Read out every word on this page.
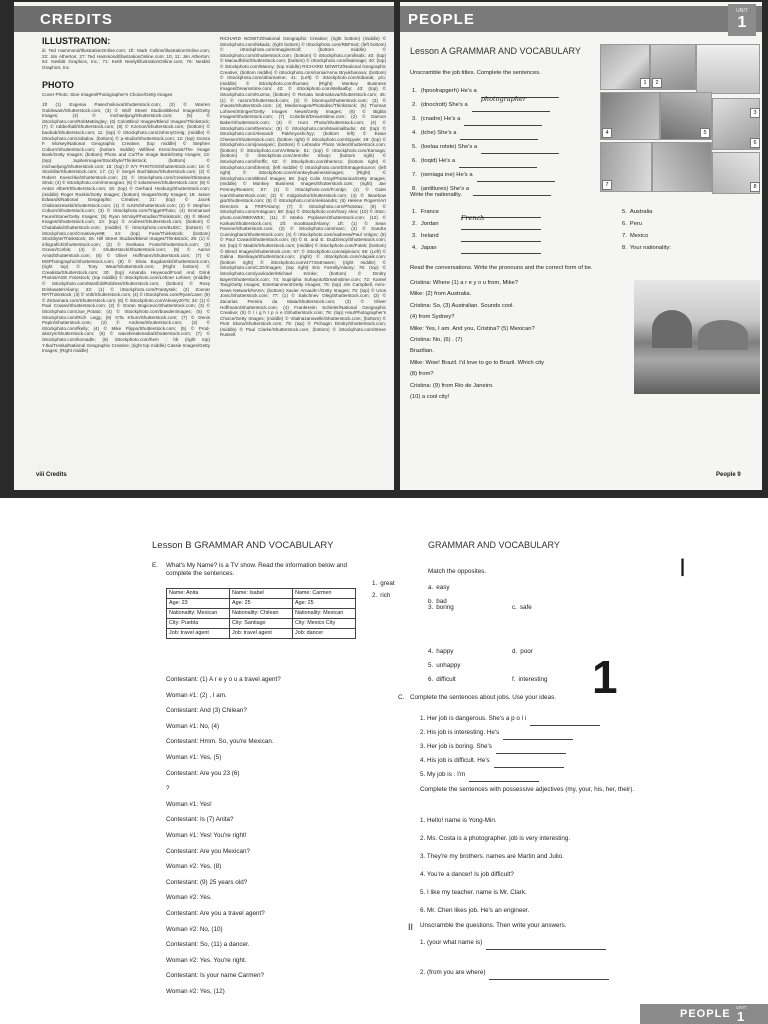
CREDITS
ILLUSTRATION:
iii: Ted Hammond/IllustrationOnline.com; 1ft: Mark Collins/IllustrationOnline.com; 22: Jim Atherton; 27: Ted Hammond/IllustrationOnline.com; 10, 11: Jim Atherton; 64: Nesbitt Graphics, Inc.; 71: Keith Neely/IllustrationOnline.com; 76: Nesbitt Graphics, Inc.
PHOTO
Cover Photo: Stoe Images/Photographer's Choice/Getty Images
1ft (1) Evgenia Pasechnikova/Shutterstock.com; (2) © Warren Goldswain/Shutterstock.com; (3) © Wolf Street Studios/Blend Images/Getty Images; (4) © michaeljung/Shutterstock.com; (5) © iStockphoto.com/RobMattingley; (6) ColorBlind Images/Blend Images/Thinkstock; (7) © rubberball/Shutterstock.com; (8) © Kzenon/Shutterstock.com; (bottom) © baobab/Shutterstock.com; 11: (top) © iStockphoto.com/JohnnyGreig; (middle) © iStockphoto.com/Jobalou; (bottom) © p-studio/Shutterstock.com; 12: (top) Gonza F. Moisey/National Geographic Creative; (top middle) © Stephen Coburn/Shutterstock.com; (bottom middle) Wilfried Krecichwost/The Image Bank/Getty Images; (bottom) Photo and Co/The Image Bank/Getty Images; 13: (top) Jupiterimages/Stockbyte/Thinkstock; (bottom) © michaeljung/Shutterstock.com; 15: (top) © IVY PHOTOS/Shutterstock.com; 16: © Stocklite/Shutterstock.com; 17: (1) © Sergei Bachlakov/Shutterstock.com; (2) © Robert Kneschke/Shutterstock.com; (3) © iStockphoto.com/Creative/Okssana Struk; (4) © iStockphoto.com/mmnogran; (5) © solarseven/Shutterstock.com; (6) © Anton Albert/Shutterstock.com; 18: (top) © Gerhard Hosburg/Shutterstock.com; (middle) Roger Ruskin/Getty Images; (bottom) Images/Getty Images; 19: Jason Edwards/National Geographic Creative; 21: (top) © Jacek Chabraszewski/Shutterstock.com; (1) © ILKIN/Shutterstock.com; (2) © Stephen Coburn/Shutterstock.com; (3) © iStockphoto.com/TriggerPhoto; (4) Emmanuel Faure/Stone/Getty Images; (5) Ryan McVay/Photodisc/Thinkstock; (6) © Blend Images/Shutterstock.com; 23: (top) © Andresr/Shutterstock.com; (bottom) © Chalabala/Shutterstock.com; (middle) © iStockphoto.com/BUDC; (bottom) © iStockphoto.com/Creativeye99; 24: (top) Fuse/Thinkstock; (bottom) Stockbyte/Thinkstock; 26: Hill Street Studios/Blend Images/Thinkstock; 28: (1) © infografick/Shutterstock.com; (2) © Svetlana Foote/Shutterstock.com; (3) Ocean/Corbis; (4) © shutterstock/Shutterstock.com; (5) © Aaron Amat/Shutterstock.com; (6) © Oliver Hoffmann/Shutterstock.com; (7) © MSPhotographic/Shutterstock.com; (8) © Silvia Bogdanski/Shutterstock.com; (right top) © Tony Wear/Shutterstock.com; (Right bottom) © Creatista/Shutterstock.com; 30: (top) Amanda Heywood/Food And Drink Photos/AGE Fotostock; (top middle) © iStockphoto.com/Lehner Lehner; (middle) © iStockphoto.com/ManifoldRobbins/Shutterstock.com; (bottom) © Roxy Drinkwater/Alamy; 33: (1) © iStockphoto.com/Frantysek; (2) Zoonar RF/Thinkstock; (3) © Volt/Shutterstock.com; (4) © iStockphoto.com/Ryan/Lane; (5) © ZeSamara.com/Shutterstock.com; (6) © iStockphoto.com/Alexey2075; 34: (1) © Paul Cowan/Shutterstock.com; (2) © Goran Bogicevic/Shutterstock.com; (3) © iStockphoto.com/Joe_Potato; (4) © iStockphoto.com/bowdenimages; (5) © iStockphoto.com/Rich Legg; (6) GTa Khum/Shutterstock.com; (7) © Denis Pepin/Shutterstock.com; (2) © Andrew/Shutterstock.com; (3) © iStockphoto.com/fkelly; (4) © Mike Flippo/Shutterstock.com; (5) © Prod-akszyn/Shutterstock.com; (6) © wavebreakmedia/Shutterstock.com; (7) © iStockphoto.com/komadle; (8) iStockphoto.com/hem ; hb (right top) Y.Ika/Tresita/National Geographic Creative; (right top middle) Cassie Images/Getty Images; (Right middle)
RICHARD NOWITZ/National Geographic Creative; (right bottom) (middle) © iStockphoto.com/Nikada; (right bottom) © iStockphoto.com/RBFried; (left bottom) © iStockphoto.com/ImagineGolf; (bottom middle) © iStockphoto.com/Shutterstock.com; (bottom) © iStockphoto.com/lisafx; 40: (top) © Macaulfolio/Shutterstock.com; (bottom) © iStockphoto.com/lisaimage; 40: (top) © iStockphoto.com/Manny; (top middle) RICHARD NOWITZ/National Geographic Creative; (bottom middle) © iStockphoto.com/sonia/Anna Bryukhanova; (bottom) © iStockphoto.com/ultramarine; 41: (Left) © iStockphoto.com/tobarak; p/o; (middle) © iStockphoto.com/human; (Right) Monkey Business Images/Dreamstime.com; 42: © iStockphoto.com/stellaalby; 43: (top) © iStockphoto.com/Kuzma; (bottom) © Renata Sedmakova/Shutterstock.com; 45: (1) © razorn/Shutterstock.com; (2) © bloomua/Shutterstock.com; (3) © chaoss/Shutterstock.com; (4) Mediomages/Photodisc/Thinkstock; (5) Thomas Lohnes/Stringer/Getty Images News/Getty Images; (6) © Bigbla Images/Shutterstock.com; (7) Colorbird/Dreamstime.com; (2) © Damon Baker/Shutterstock.com; (3) © Hunt Photo/Shutterstock.com; (4) © iStockphoto.com/thermcx; (5) © iStockphoto.com/Maximalltudio; 48: (top) © iStockphoto.com/Alexandr Pakhnyushchyy; (bottom left) © Ewan Chesser/Shutterstock.com; (bottom right) © iStockphoto.com/Spyde; 49: (top) © iStockphoto.com/jovanjaric; (bottom) © Lebrador Photo Video/Shutterstock.com; (bottom) © iStockphoto.com/ArtMarie; 51: (top) © iStockphoto.com/Kamaga; (bottom) © iStockphoto.com/Jennifer Sharp; (bottom right) © iStockphoto.com/fmrffit; 52: © iStockphoto.com/themrcx; (bottom right) © iStockphoto.com/bheriot; (left middle) © iStockphoto.com/ElSImageSource; (left right) © iStockphoto.com/monkeybusinessimages; (Right) © iStockphoto.com/Blend Images; 56: (top) Colin Gray/Photonica/Getty Images; (middle) © Monkey Business Images/Shutterstock.com; (right) Jae Penney/Reuters; 57: (1) © iStockphoto.com/Fcontje; (2) © Gulei Ivan/Shutterstock.com; (3) © mdgolovko/Shutterstock.com; (4) © Ilanebow gio/Shutterstock.com; (5) © iStockphoto.com/Aleksandrs; (6) Helene Rogers/Art Directors & TRIP/Alamy; (7) © iStockphoto.com/Phototax; (8) © iStockphoto.com/Antagoon; 58: (top) © iStockphoto.com/Gary Alex; (10) © iStoc; photo.com/WEKWEK; (11) © Marko Poplasen/Shutterstock.com; (12) © Karkas/Shutterstock.com; 1ft: mooBoard/Alamy; 1ft: (1) © Sean Pavone/Shutterstock.com; (2) © iStockphoto.com/marc; (3) © Sandra Cunningham/Shutterstock.com; (4) © iStockphoto.com/nadreew/Paul Volgov; (5) © Paul Cowan/Shutterstock.com; (6) © B. and E. Dudzinscy/Shutterstock.com; 64: (top) © Maal3r/Shutterstock.com; (middle) © iStockphoto.com/Fotek; (bottom) © Blend Images/Shutterstock.com; 67: © iStockphoto.com/alpinium; 66: (Left) © Galina Barskaya/Shutterstock.com; (right) © iStockphoto.com/Alapaik.com; (bottom right) © iStockphoto.com/477434Hasen; (right middle) © iStockphoto.com/CJO/Images; (top right) Eric Farrelly/Alamy; 76: (top) © iStockphoto.com/yuvikoder/Michael Krinke; (bottom) © Dmitry Bayer/Shutterstock.com; 74: Supnipha Suhayoto/Dreamstime.com; 72: Kamel Tang/Getty Images; Entertainment/Getty Images; 75: (top) Jim Campbell, Aero-News Network/NASA; (bottom) Xavier Arnau/E+/Getty Images; 76: (top) © Uros Jonic/Shutterstock.com; 77: (1) © Sakchnev Oleg/Shutterstock.com; (2) © Zacarias Pereira da Mata/Shutterstock.com; (3) © Oliver Hoffmann/Shutterstock.com; (4) FrankHeim Schieler/National Geographic Creative; (5) © l i g h t p o e t/Shutterstock.com; 78: (top) Hou/Photographer's Choice/Getty Images; (middle) © Vitalnazarowelle/Shutterstock.com; (bottom) © Piotr Skora/Shutterstock.com; 79: (top) © Pichagin Dmitry/Shutterstock.com; (middle) © Paul Clarke/Shutterstock.com; (bottom) © iStockphoto.com/Steve Russell.
viii Credits
PEOPLE	UNIT
1
Lesson A GRAMMAR AND VOCABULARY
Unscramble the job titles. Complete the sentences.
1. (hpoolrapgerh) He's aphotographer
2. (dnoclrott) She's a
3. (cnadre) He's a
4. (tche) She's a
5. (loelaa rotste) She's a
6. (toqid) He's a
7. (oeniaga ine) He's a
8. (antiltures) She's a
1	2
3
4	5
6
7	8
Write the nationality.
1. FranceFrench
2. Jordan
3. Ireland
4. Japan
5. Australia
6. Peru
7. Mexico
8. Your nationality:
Read the conversations. Write the pronouns and the correct form of be.
Cristina: Where (1) a r e y o u from, Mike?
Mike: (2) from Australia.
Cristina: So, (3) Australian. Sounds cool.
(4) from Sydney?
Mike: Yes, I am. And you, Cristina? (5) Mexican?
Cristina: No, (6) . (7)
Brazilian.
Mike: Wow! Brazil. I'd love to go to Brazil. Which city
(8) from?
Cristina: (9) from Rio de Janeiro.
(10) a cool city!
People 9
Lesson B GRAMMAR AND VOCABULARY
E. What's My Name? is a TV show. Read the information below and complete the sentences.
Name: Anita	Name: Isabel	Name: Carmen
Age: 23	Age: 25	Age: 25
Nationality: Mexican	Nationality: Chilean	Nationality: Mexican
City: Puebla	City: Santiago	City: Mexico City
Job: travel agent	Job: travel agent	Job: dancer
Contestant: (1) A r e y o u a travel agent?
Woman #1: (2) , I am.
Contestant: And (3) Chilean?
Woman #1: No, (4)
Contestant: Hmm. So, you're Mexican.
Woman #1: Yes, (5)
Contestant: Are you 23 (6)
?
Woman #1: Yes!
Contestant: Is (7) Anita?
Woman #1: Yes! You're right!
Contestant: Are you Mexican?
Woman #2: Yes, (8)
Contestant: (9) 25 years old?
Woman #2: Yes.
Contestant: Are you a travel agent?
Woman #2: No, (10)
Contestant: So, (11) a dancer.
Woman #2: Yes. You're right.
Contestant: Is your name Carmen?
Woman #2: Yes, (12)
GRAMMAR AND VOCABULARY
Match the opposites.
1. great
a. easy
2. rich
b. bad
3. boring	c. safe
4. happy	d. poor
5. unhappy
6. difficult	f. interesting
|
1
C. Complete the sentences about jobs. Use your ideas.
1. Her job is dangerous. She's a p o l i
2. His job is interesting. He's
3. Her job is boring. She's
4. His job is difficult. He's
5. My job is . I'm
Complete the sentences with possessive adjectives (my, your, his, her, their).
1. Hello! name is Yong-Min.
2. Ms. Costa is a photographer. job is very interesting.
3. They're my brothers. names are Martin and Julio.
4. You're a dancer! Is job difficult?
5. I like my teacher. name is Mr. Clark.
6. Mr. Chen likes job. He's an engineer.
II Unscramble the questions. Then write your answers.
1. (your what name is)
2. (from you are where)
PEOPLE
UNIT
1
